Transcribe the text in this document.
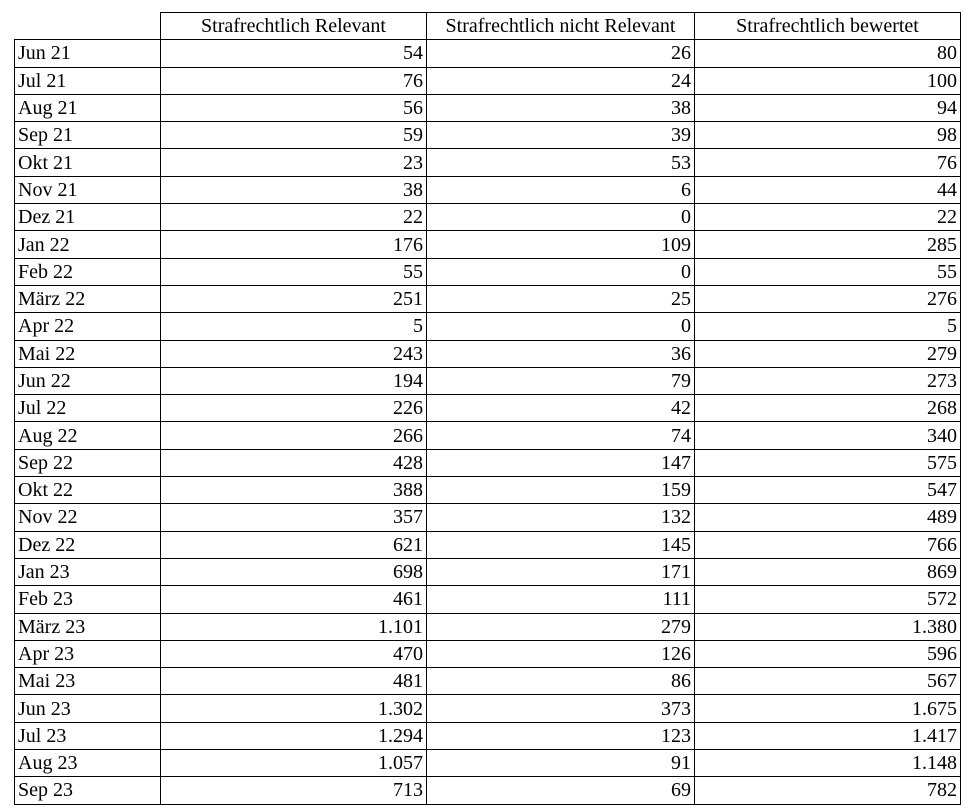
	Strafrechtlich Relevant	Strafrechtlich nicht Relevant	Strafrechtlich bewertet
Jun 21	54	26	80
Jul 21	76	24	100
Aug 21	56	38	94
Sep 21	59	39	98
Okt 21	23	53	76
Nov 21	38	6	44
Dez 21	22	0	22
Jan 22	176	109	285
Feb 22	55	0	55
März 22	251	25	276
Apr 22	5	0	5
Mai 22	243	36	279
Jun 22	194	79	273
Jul 22	226	42	268
Aug 22	266	74	340
Sep 22	428	147	575
Okt 22	388	159	547
Nov 22	357	132	489
Dez 22	621	145	766
Jan 23	698	171	869
Feb 23	461	111	572
März 23	1.101	279	1.380
Apr 23	470	126	596
Mai 23	481	86	567
Jun 23	1.302	373	1.675
Jul 23	1.294	123	1.417
Aug 23	1.057	91	1.148
Sep 23	713	69	782
